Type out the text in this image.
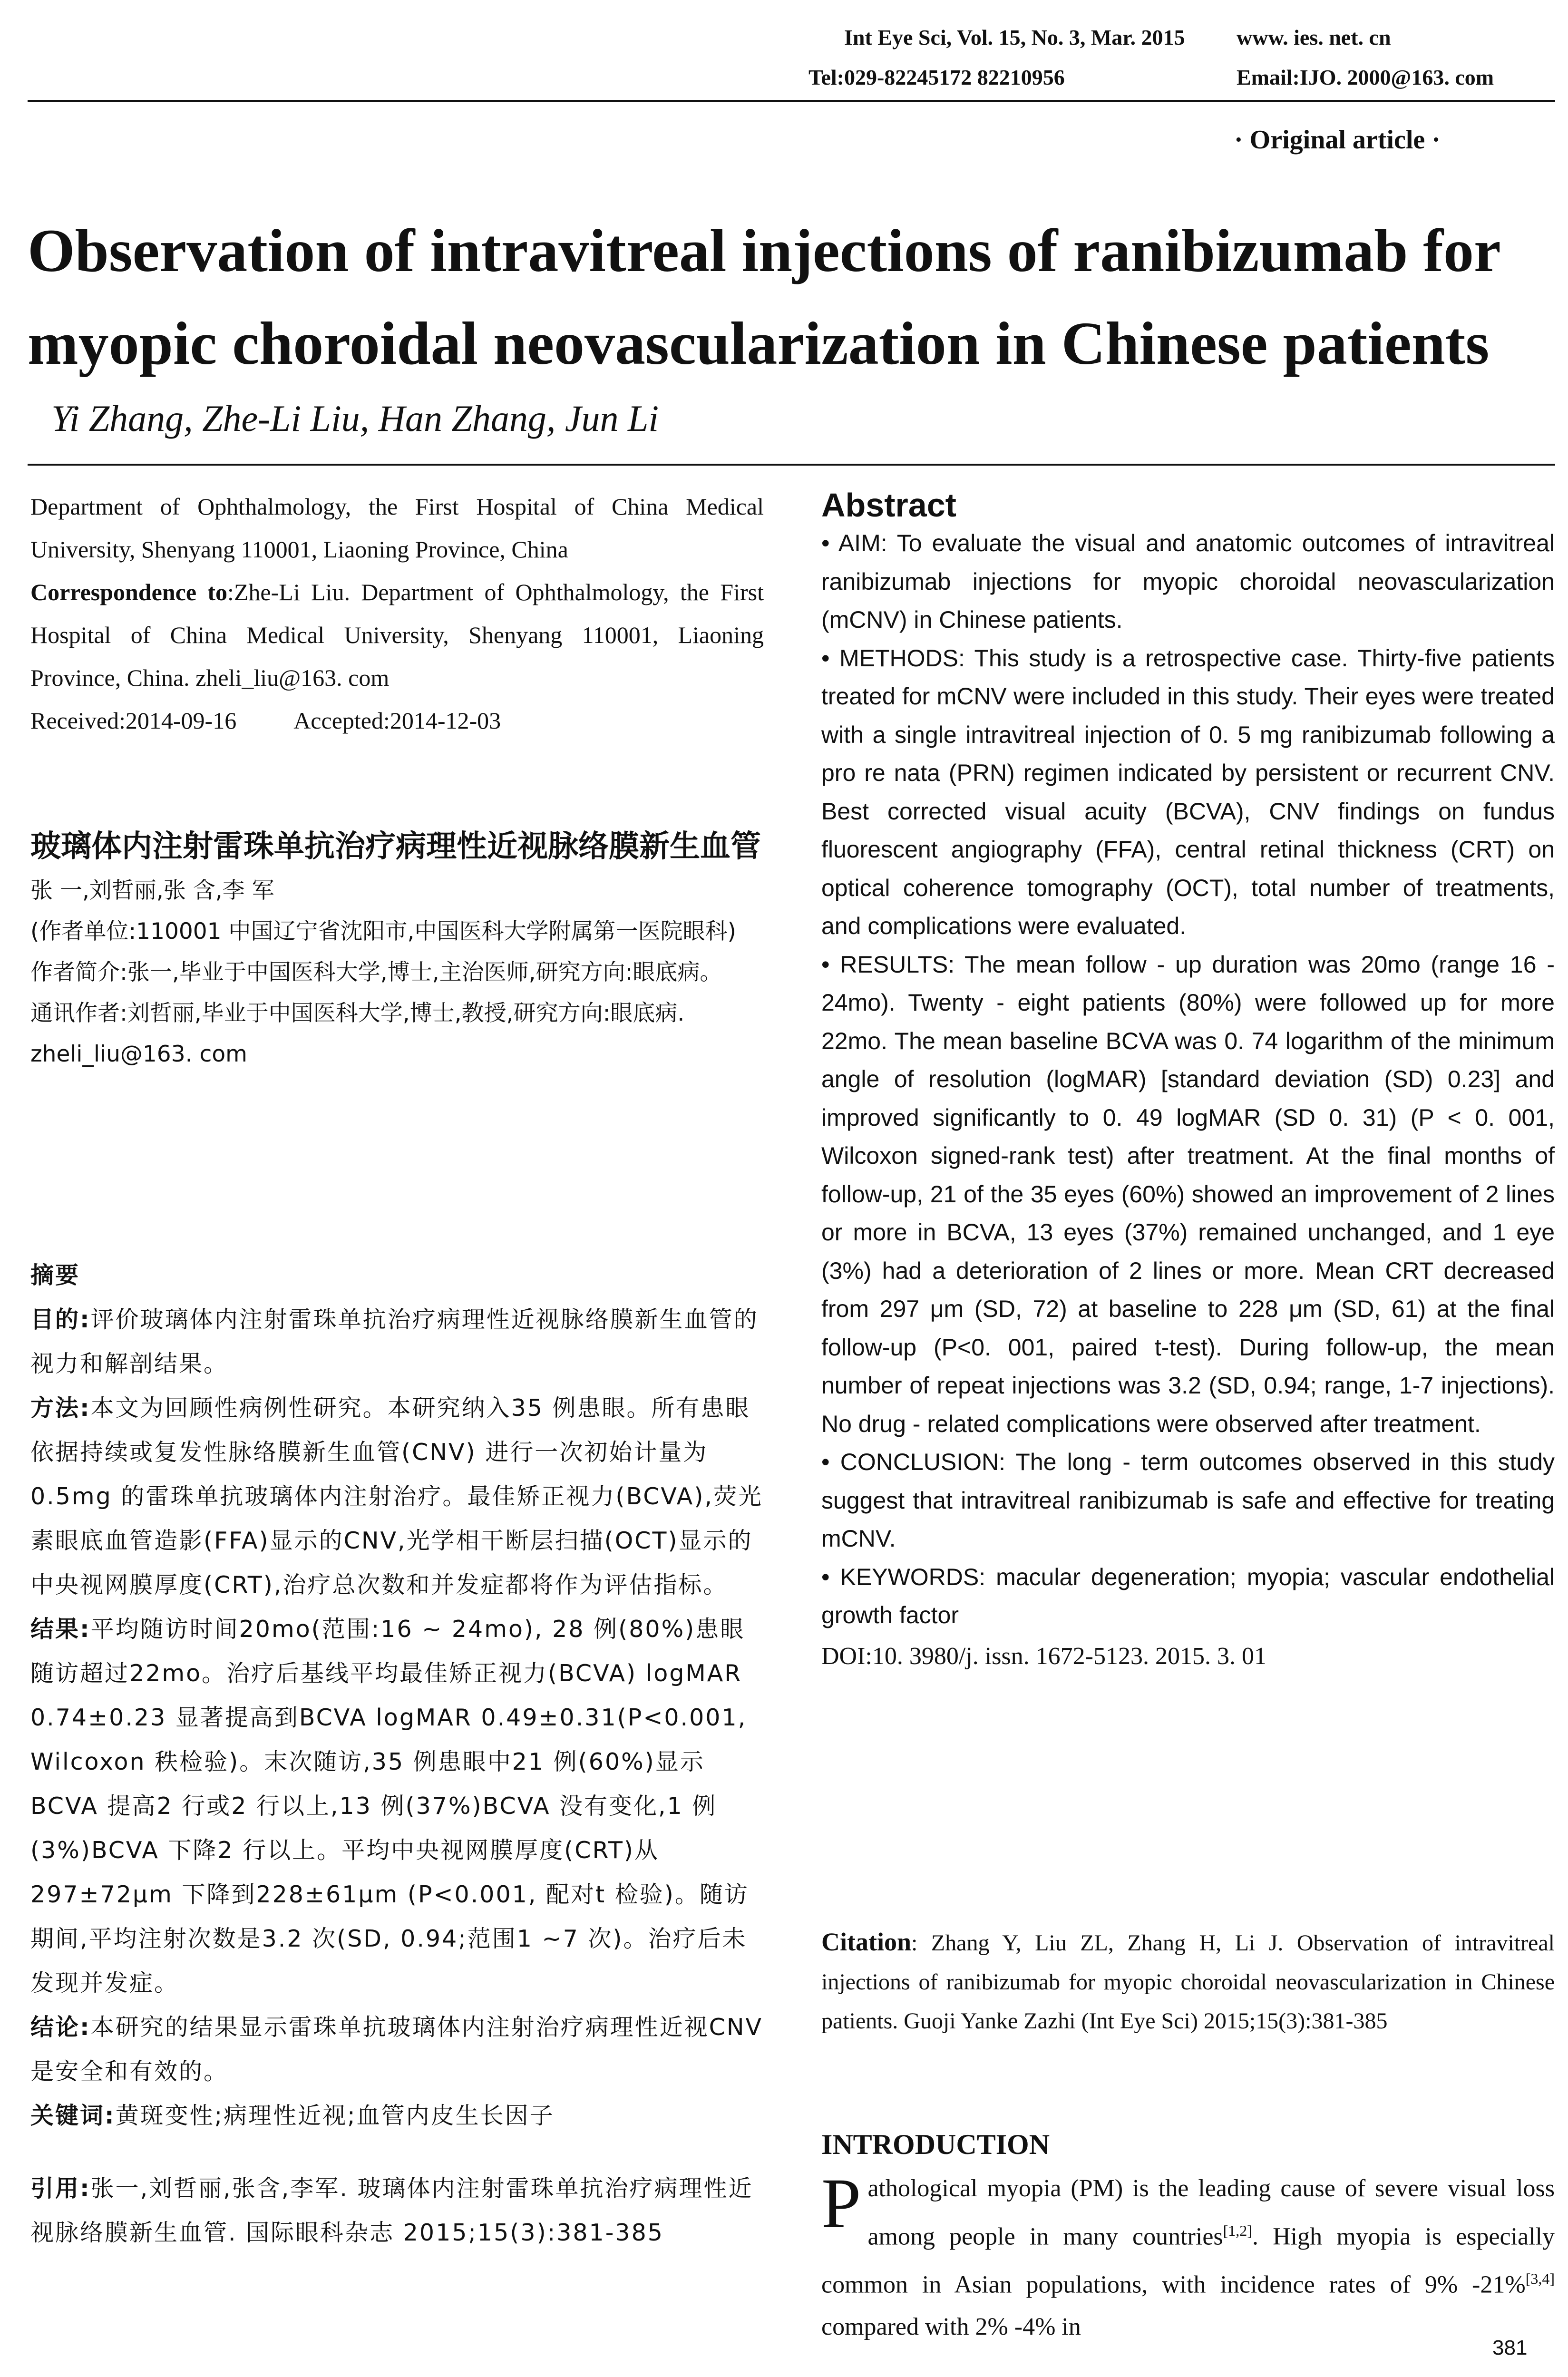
Int Eye Sci, Vol. 15, No. 3, Mar. 2015 www. ies. net. cn
Tel:029-82245172 82210956	Email:IJO. 2000@163. com
· Original article ·
Observation of intravitreal injections of ranibizumab for myopic choroidal neovascularization in Chinese patients
Yi Zhang, Zhe-Li Liu, Han Zhang, Jun Li

Department of Ophthalmology, the First Hospital of China Medical University, Shenyang 110001, Liaoning Province, China

Correspondence to:Zhe-Li Liu. Department of Ophthalmology, the First Hospital of China Medical University, Shenyang 110001, Liaoning Province, China. zheli_liu@163. com

Received:2014-09-16 Accepted:2014-12-03

玻璃体内注射雷珠单抗治疗病理性近视脉络膜新生血管
张 一,刘哲丽,张 含,李 军
(作者单位:110001 中国辽宁省沈阳市,中国医科大学附属第一医院眼科)
作者简介:张一,毕业于中国医科大学,博士,主治医师,研究方向:眼底病。
通讯作者:刘哲丽,毕业于中国医科大学,博士,教授,研究方向:眼底病. zheli_liu@163. com
摘要
目的:评价玻璃体内注射雷珠单抗治疗病理性近视脉络膜新生血管的视力和解剖结果。
方法:本文为回顾性病例性研究。本研究纳入35 例患眼。所有患眼依据持续或复发性脉络膜新生血管(CNV) 进行一次初始计量为0.5mg 的雷珠单抗玻璃体内注射治疗。最佳矫正视力(BCVA),荧光素眼底血管造影(FFA)显示的CNV,光学相干断层扫描(OCT)显示的中央视网膜厚度(CRT),治疗总次数和并发症都将作为评估指标。
结果:平均随访时间20mo(范围:16 ~ 24mo), 28 例(80%)患眼随访超过22mo。治疗后基线平均最佳矫正视力(BCVA) logMAR 0.74±0.23 显著提高到BCVA logMAR 0.49±0.31(P<0.001, Wilcoxon 秩检验)。末次随访,35 例患眼中21 例(60%)显示BCVA 提高2 行或2 行以上,13 例(37%)BCVA 没有变化,1 例(3%)BCVA 下降2 行以上。平均中央视网膜厚度(CRT)从297±72μm 下降到228±61μm (P<0.001, 配对t 检验)。随访期间,平均注射次数是3.2 次(SD, 0.94;范围1 ~7 次)。治疗后未发现并发症。
结论:本研究的结果显示雷珠单抗玻璃体内注射治疗病理性近视CNV 是安全和有效的。
关键词:黄斑变性;病理性近视;血管内皮生长因子
引用:张一,刘哲丽,张含,李军. 玻璃体内注射雷珠单抗治疗病理性近视脉络膜新生血管. 国际眼科杂志 2015;15(3):381-385
Abstract

• AIM: To evaluate the visual and anatomic outcomes of intravitreal ranibizumab injections for myopic choroidal neovascularization (mCNV) in Chinese patients.

• METHODS: This study is a retrospective case. Thirty-five patients treated for mCNV were included in this study. Their eyes were treated with a single intravitreal injection of 0. 5 mg ranibizumab following a pro re nata (PRN) regimen indicated by persistent or recurrent CNV. Best corrected visual acuity (BCVA), CNV findings on fundus fluorescent angiography (FFA), central retinal thickness (CRT) on optical coherence tomography (OCT), total number of treatments, and complications were evaluated.

• RESULTS: The mean follow - up duration was 20mo (range 16 - 24mo). Twenty - eight patients (80%) were followed up for more 22mo. The mean baseline BCVA was 0. 74 logarithm of the minimum angle of resolution (logMAR) [standard deviation (SD) 0.23] and improved significantly to 0. 49 logMAR (SD 0. 31) (P < 0. 001, Wilcoxon signed-rank test) after treatment. At the final months of follow-up, 21 of the 35 eyes (60%) showed an improvement of 2 lines or more in BCVA, 13 eyes (37%) remained unchanged, and 1 eye (3%) had a deterioration of 2 lines or more. Mean CRT decreased from 297 μm (SD, 72) at baseline to 228 μm (SD, 61) at the final follow-up (P<0. 001, paired t-test). During follow-up, the mean number of repeat injections was 3.2 (SD, 0.94; range, 1-7 injections). No drug - related complications were observed after treatment.

• CONCLUSION: The long - term outcomes observed in this study suggest that intravitreal ranibizumab is safe and effective for treating mCNV.

• KEYWORDS: macular degeneration; myopia; vascular endothelial growth factor

DOI:10. 3980/j. issn. 1672-5123. 2015. 3. 01

Citation: Zhang Y, Liu ZL, Zhang H, Li J. Observation of intravitreal injections of ranibizumab for myopic choroidal neovascularization in Chinese patients. Guoji Yanke Zazhi (Int Eye Sci) 2015;15(3):381-385
INTRODUCTION
Pathological myopia (PM) is the leading cause of severe visual loss among people in many countries[1,2]. High myopia is especially common in Asian populations, with incidence rates of 9% -21%[3,4] compared with 2% -4% in
381
